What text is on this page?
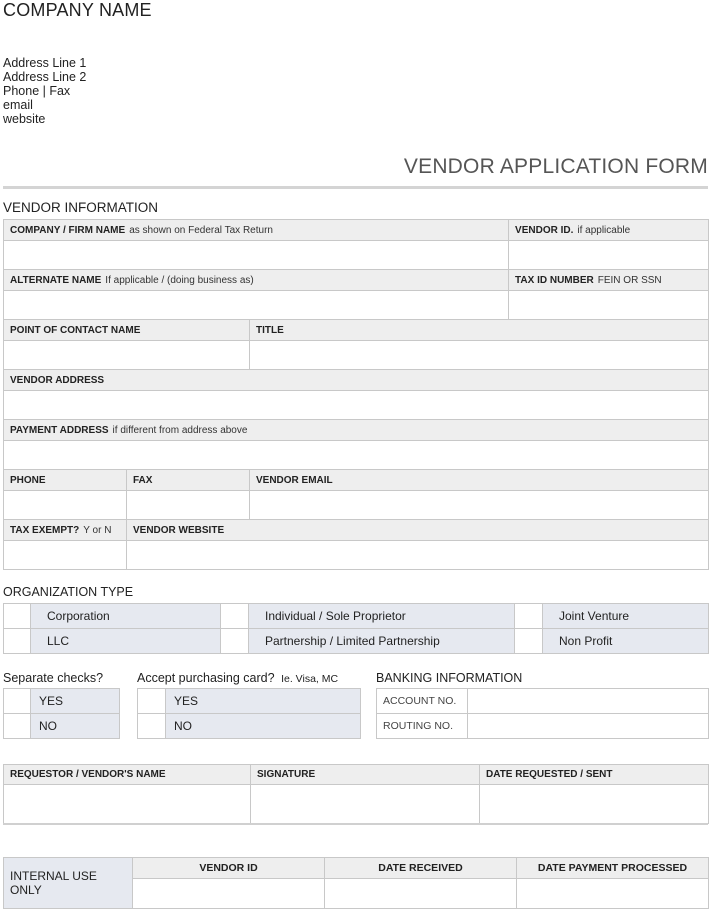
COMPANY NAME
Address Line 1
Address Line 2
Phone | Fax
email
website
VENDOR APPLICATION FORM
VENDOR INFORMATION
COMPANY / FIRM NAME as shown on Federal Tax Return			VENDOR ID. if applicable

ALTERNATE NAME If applicable / (doing business as)			TAX ID NUMBER FEIN OR SSN

POINT OF CONTACT NAME		TITLE	

VENDOR ADDRESS			

PAYMENT ADDRESS if different from address above			

PHONE	FAX	VENDOR EMAIL	

TAX EXEMPT? Y or N	VENDOR WEBSITE		

ORGANIZATION TYPE
	Corporation		Individual / Sole Proprietor		Joint Venture
	LLC		Partnership / Limited Partnership		Non Profit
Separate checks?
	YES
	NO
Accept purchasing card? Ie. Visa, MC
	YES
	NO
BANKING INFORMATION
ACCOUNT NO.	
ROUTING NO.	
REQUESTOR / VENDOR'S NAME	SIGNATURE	DATE REQUESTED / SENT

INTERNAL USE ONLY	VENDOR ID	DATE RECEIVED	DATE PAYMENT PROCESSED
